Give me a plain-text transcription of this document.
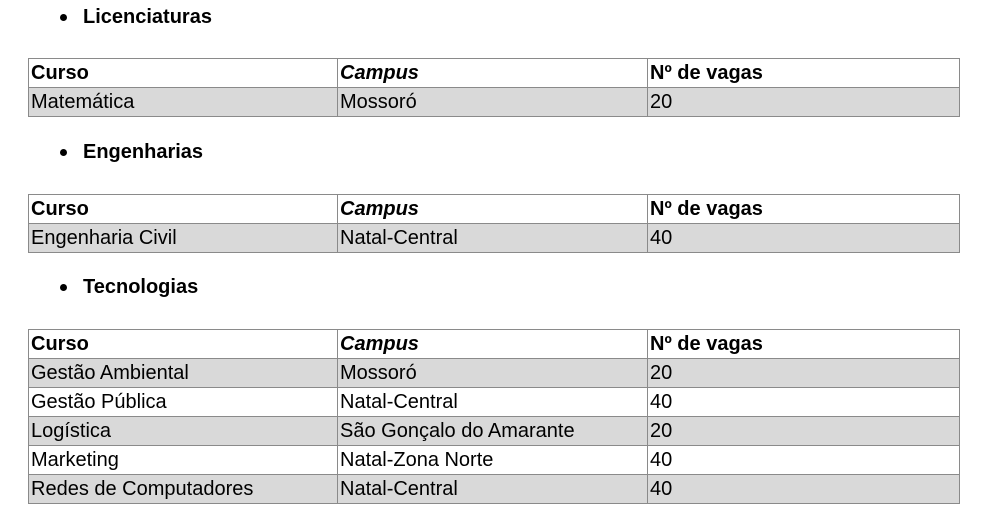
Licenciaturas
Curso	Campus	Nº de vagas
Matemática	Mossoró	20
Engenharias
Curso	Campus	Nº de vagas
Engenharia Civil	Natal-Central	40
Tecnologias
Curso	Campus	Nº de vagas
Gestão Ambiental	Mossoró	20
Gestão Pública	Natal-Central	40
Logística	São Gonçalo do Amarante	20
Marketing	Natal-Zona Norte	40
Redes de Computadores	Natal-Central	40
